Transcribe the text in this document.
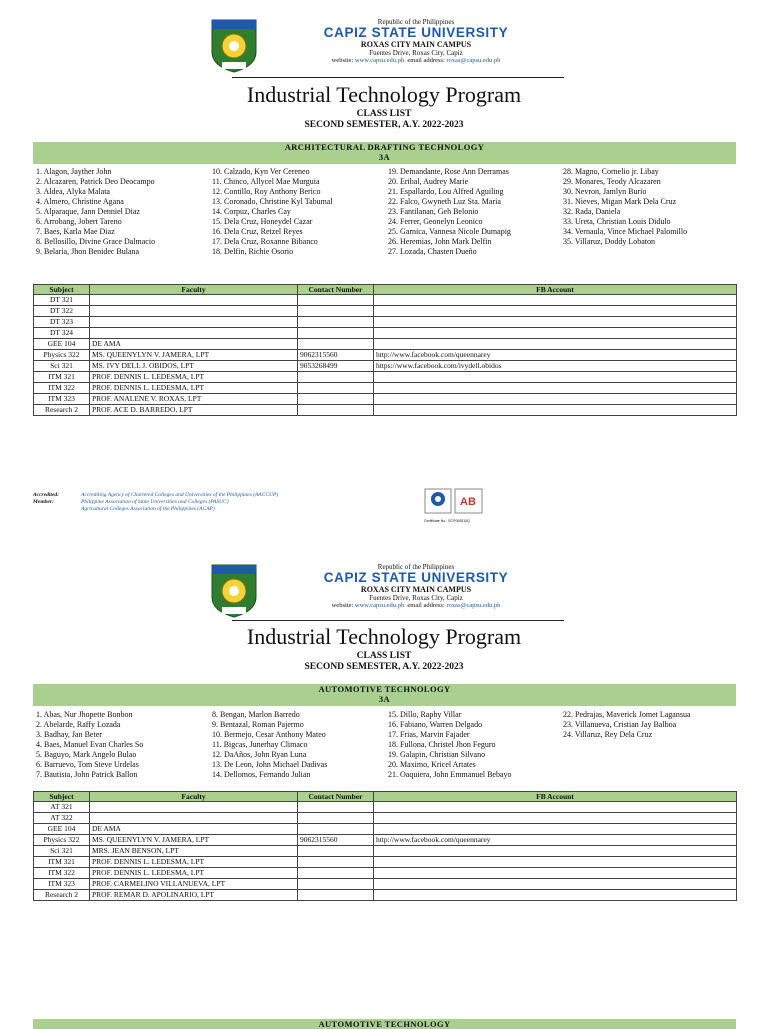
Republic of the Philippines
CAPIZ STATE UNIVERSITY
ROXAS CITY MAIN CAMPUS
Fuentes Drive, Roxas City, Capiz
website: www.capsu.edu.ph email address: roxas@capsu.edu.ph
Industrial Technology Program
CLASS LIST
SECOND SEMESTER, A.Y. 2022-2023
ARCHITECTURAL DRAFTING TECHNOLOGY
3A
1. Alagon, Jayther John
2. Alcazaren, Patrick Deo Deocampo
3. Aldea, Alyka Malata
4. Almero, Christine Agana
5. Alparaque, Jann Denniel Diaz
6. Arrobang, Jobert Tareno
7. Baes, Karla Mae Diaz
8. Bellosillo, Divine Grace Dalmacio
9. Belaria, Jhon Benidec Bulana
10. Calzado, Kyn Ver Cereneo
11. Chinco, Allycel Mae Murguia
12. Contillo, Roy Anthony Berico
13. Coronado, Christine Kyl Tabumal
14. Corpuz, Charles Cay
15. Dela Cruz, Honeydel Cazar
16. Dela Cruz, Retzel Reyes
17. Dela Cruz, Roxanne Bibanco
18. Delfin, Richie Osorio
19. Demandante, Rose Ann Derramas
20. Eribal, Audrey Marie
21. Espallardo, Lou Alfred Aguiling
22. Falco, Gwyneth Luz Sta. Maria
23. Fantilanan, Geh Belonio
24. Ferrer, Geonelyn Leonico
25. Garnica, Vannesa Nicole Dumapig
26. Heremias, John Mark Delfin
27. Lozada, Chasten Dueño
28. Magno, Cornelio jr. Libay
29. Monares, Teody Alcazaren
30. Nevron, Jamlyn Burio
31. Nieves, Migan Mark Dela Cruz
32. Rada, Daniela
33. Ureta, Christian Louis Didulo
34. Vernaula, Vince Michael Palomillo
35. Villaruz, Doddy Lobaton
Subject	Faculty	Contact Number	FB Account
DT 321			
DT 322			
DT 323			
DT 324			
GEE 104	DE AMA		
Physics 322	MS. QUEENYLYN V. JAMERA, LPT	9062315560	http://www.facebook.com/queennarey
Sci 321	MS. IVY DELL J. OBIDOS, LPT	9053268499	https://www.facebook.com/ivydell.obidos
ITM 321	PROF. DENNIS L. LEDESMA, LPT		
ITM 322	PROF. DENNIS L. LEDESMA, LPT		
ITM 323	PROF. ANALENE V. ROXAS, LPT		
Research 2	PROF. ACE D. BARREDO, LPT		
Accredited:	Accrediting Agency of Chartered Colleges and Universities of the Philippines (AACCUP)
Member:	Philippine Association of State Universities and Colleges (PASUC)
Agricultural Colleges Association of the Philippines (ACAP)
AB
Certificate No.: SCP000810Q
Republic of the Philippines
CAPIZ STATE UNIVERSITY
ROXAS CITY MAIN CAMPUS
Fuentes Drive, Roxas City, Capiz
website: www.capsu.edu.ph email address: roxas@capsu.edu.ph
Industrial Technology Program
CLASS LIST
SECOND SEMESTER, A.Y. 2022-2023
AUTOMOTIVE TECHNOLOGY
3A
1. Abas, Nur Jhopette Bonbon
2. Abelarde, Raffy Lozada
3. Badhay, Jan Beter
4. Baes, Manuel Evan Charles So
5. Baguyo, Mark Angelo Bulao
6. Barruevo, Tom Steve Urdelas
7. Bautista, John Patrick Ballon
8. Bengan, Marlon Barredo
9. Bentazal, Roman Pajermo
10. Bermejo, Cesar Anthony Mateo
11. Bigcas, Junerhay Climaco
12. DaAños, John Ryan Luna
13. De Leon, John Michael Dadivas
14. Dellomos, Fernando Julian
15. Dillo, Raphy Villar
16. Fabiano, Warren Delgado
17. Frias, Marvin Fajader
18. Fullona, Christel Jhon Feguro
19. Galapin, Christian Silvano
20. Maximo, Kricel Artates
21. Oaquiera, John Emmanuel Bebayo
22. Pedrajas, Maverick Jomet Lagansua
23. Villanueva, Cristian Jay Balboa
24. Villaruz, Rey Dela Cruz
Subject	Faculty	Contact Number	FB Account
AT 321			
AT 322			
GEE 104	DE AMA		
Physics 322	MS. QUEENYLYN V. JAMERA, LPT	9062315560	http://www.facebook.com/queennarey
Sci 321	MRS. JEAN BENSON, LPT		
ITM 321	PROF. DENNIS L. LEDESMA, LPT		
ITM 322	PROF. DENNIS L. LEDESMA, LPT		
ITM 323	PROF. CARMELINO VILLANUEVA, LPT		
Research 2	PROF. REMAR D. APOLINARIO, LPT		
AUTOMOTIVE TECHNOLOGY
